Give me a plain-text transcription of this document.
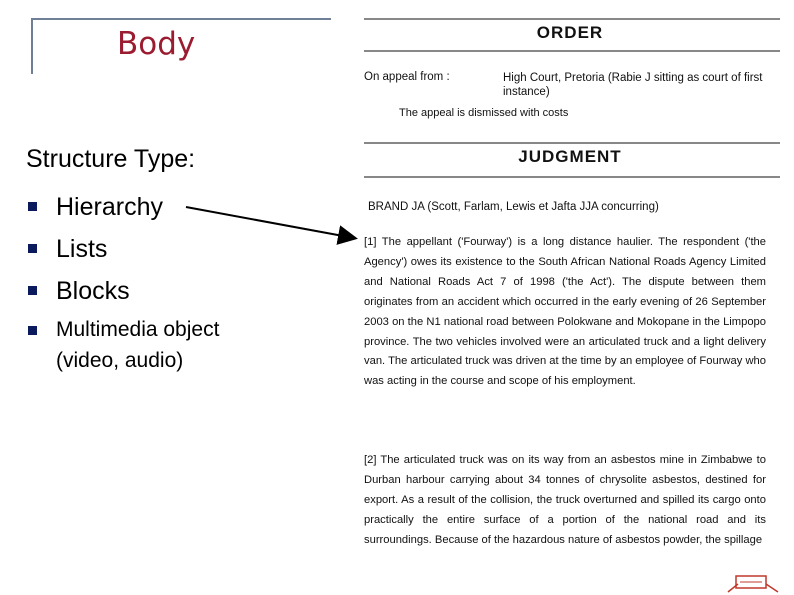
Body
Structure Type:
Hierarchy
Lists
Blocks
Multimedia object (video, audio)
ORDER
On appeal from :	High Court, Pretoria (Rabie J sitting as court of first instance)
The appeal is dismissed with costs
JUDGMENT
BRAND JA (Scott, Farlam, Lewis et Jafta JJA concurring)
[1] The appellant ('Fourway') is a long distance haulier. The respondent ('the Agency') owes its existence to the South African National Roads Agency Limited and National Roads Act 7 of 1998 ('the Act'). The dispute between them originates from an accident which occurred in the early evening of 26 September 2003 on the N1 national road between Polokwane and Mokopane in the Limpopo province. The two vehicles involved were an articulated truck and a light delivery van. The articulated truck was driven at the time by an employee of Fourway who was acting in the course and scope of his employment.
[2] The articulated truck was on its way from an asbestos mine in Zimbabwe to Durban harbour carrying about 34 tonnes of chrysolite asbestos, destined for export. As a result of the collision, the truck overturned and spilled its cargo onto practically the entire surface of a portion of the national road and its surroundings. Because of the hazardous nature of asbestos powder, the spillage
